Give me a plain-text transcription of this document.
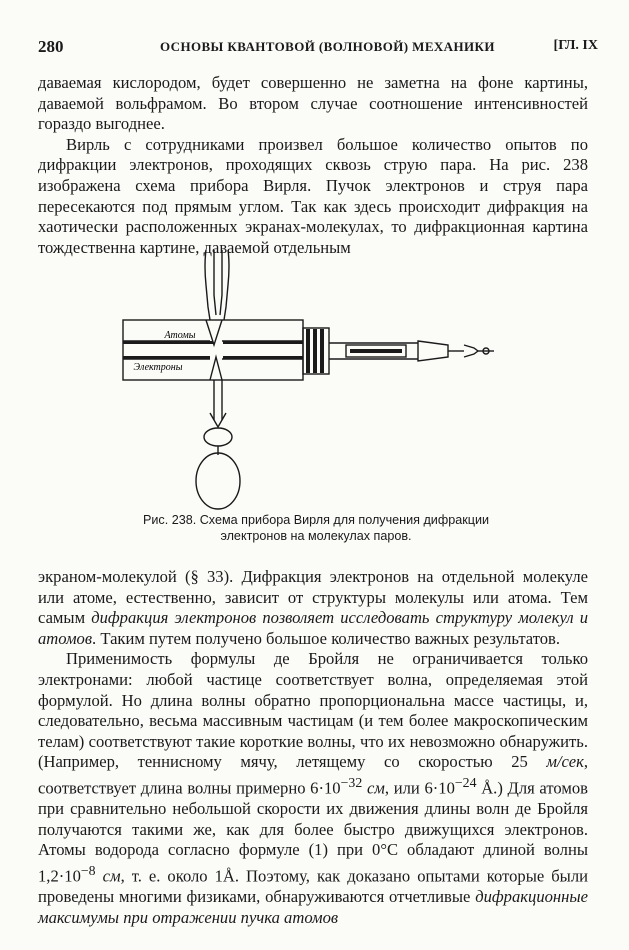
280	ОСНОВЫ КВАНТОВОЙ (ВОЛНОВОЙ) МЕХАНИКИ	[ГЛ. IX

даваемая кислородом, будет совершенно не заметна на фоне картины, даваемой вольфрамом. Во втором случае соотношение интенсивностей гораздо выгоднее.

Вирль с сотрудниками произвел большое количество опытов по дифракции электронов, проходящих сквозь струю пара. На рис. 238 изображена схема прибора Вирля. Пучок электронов и струя пара пересекаются под прямым углом. Так как здесь происходит дифракция на хаотически расположенных экранах-молекулах, то дифракционная картина тождественна картине, даваемой отдельным

Атомы
Электроны
Рис. 238. Схема прибора Вирля для получения дифракции электронов на молекулах паров.

экраном-молекулой (§ 33). Дифракция электронов на отдельной молекуле или атоме, естественно, зависит от структуры молекулы или атома. Тем самым дифракция электронов позволяет исследовать структуру молекул и атомов. Таким путем получено большое количество важных результатов.

Применимость формулы де Бройля не ограничивается только электронами: любой частице соответствует волна, определяемая этой формулой. Но длина волны обратно пропорциональна массе частицы, и, следовательно, весьма массивным частицам (и тем более макроскопическим телам) соответствуют такие короткие волны, что их невозможно обнаружить. (Например, теннисному мячу, летящему со скоростью 25 м/сек, соответствует длина волны примерно $6\cdot 10^{-32}$ см, или $6\cdot 10^{-24}$ Å.) Для атомов при сравнительно небольшой скорости их движения длины волн де Бройля получаются такими же, как для более быстро движущихся электронов. Атомы водорода согласно формуле (1) при 0°C обладают длиной волны $1,2\cdot 10^{-8}$ см, т. е. около 1Å. Поэтому, как доказано опытами которые были проведены многими физиками, обнаруживаются отчетливые дифракционные максимумы при отражении пучка атомов
